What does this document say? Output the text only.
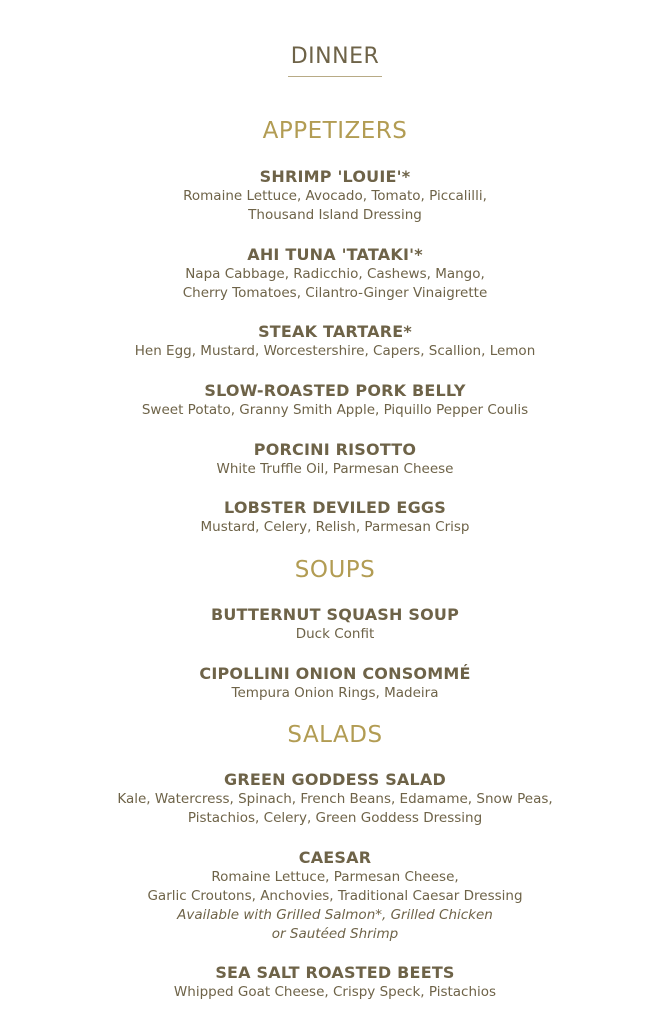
DINNER
APPETIZERS
SHRIMP 'LOUIE'*
Romaine Lettuce, Avocado, Tomato, Piccalilli,
Thousand Island Dressing
AHI TUNA 'TATAKI'*
Napa Cabbage, Radicchio, Cashews, Mango,
Cherry Tomatoes, Cilantro-Ginger Vinaigrette
STEAK TARTARE*
Hen Egg, Mustard, Worcestershire, Capers, Scallion, Lemon
SLOW-ROASTED PORK BELLY
Sweet Potato, Granny Smith Apple, Piquillo Pepper Coulis
PORCINI RISOTTO
White Truffle Oil, Parmesan Cheese
LOBSTER DEVILED EGGS
Mustard, Celery, Relish, Parmesan Crisp
SOUPS
BUTTERNUT SQUASH SOUP
Duck Confit
CIPOLLINI ONION CONSOMMÉ
Tempura Onion Rings, Madeira
SALADS
GREEN GODDESS SALAD
Kale, Watercress, Spinach, French Beans, Edamame, Snow Peas,
Pistachios, Celery, Green Goddess Dressing
CAESAR
Romaine Lettuce, Parmesan Cheese,
Garlic Croutons, Anchovies, Traditional Caesar Dressing
Available with Grilled Salmon*, Grilled Chicken
or Sautéed Shrimp
SEA SALT ROASTED BEETS
Whipped Goat Cheese, Crispy Speck, Pistachios
